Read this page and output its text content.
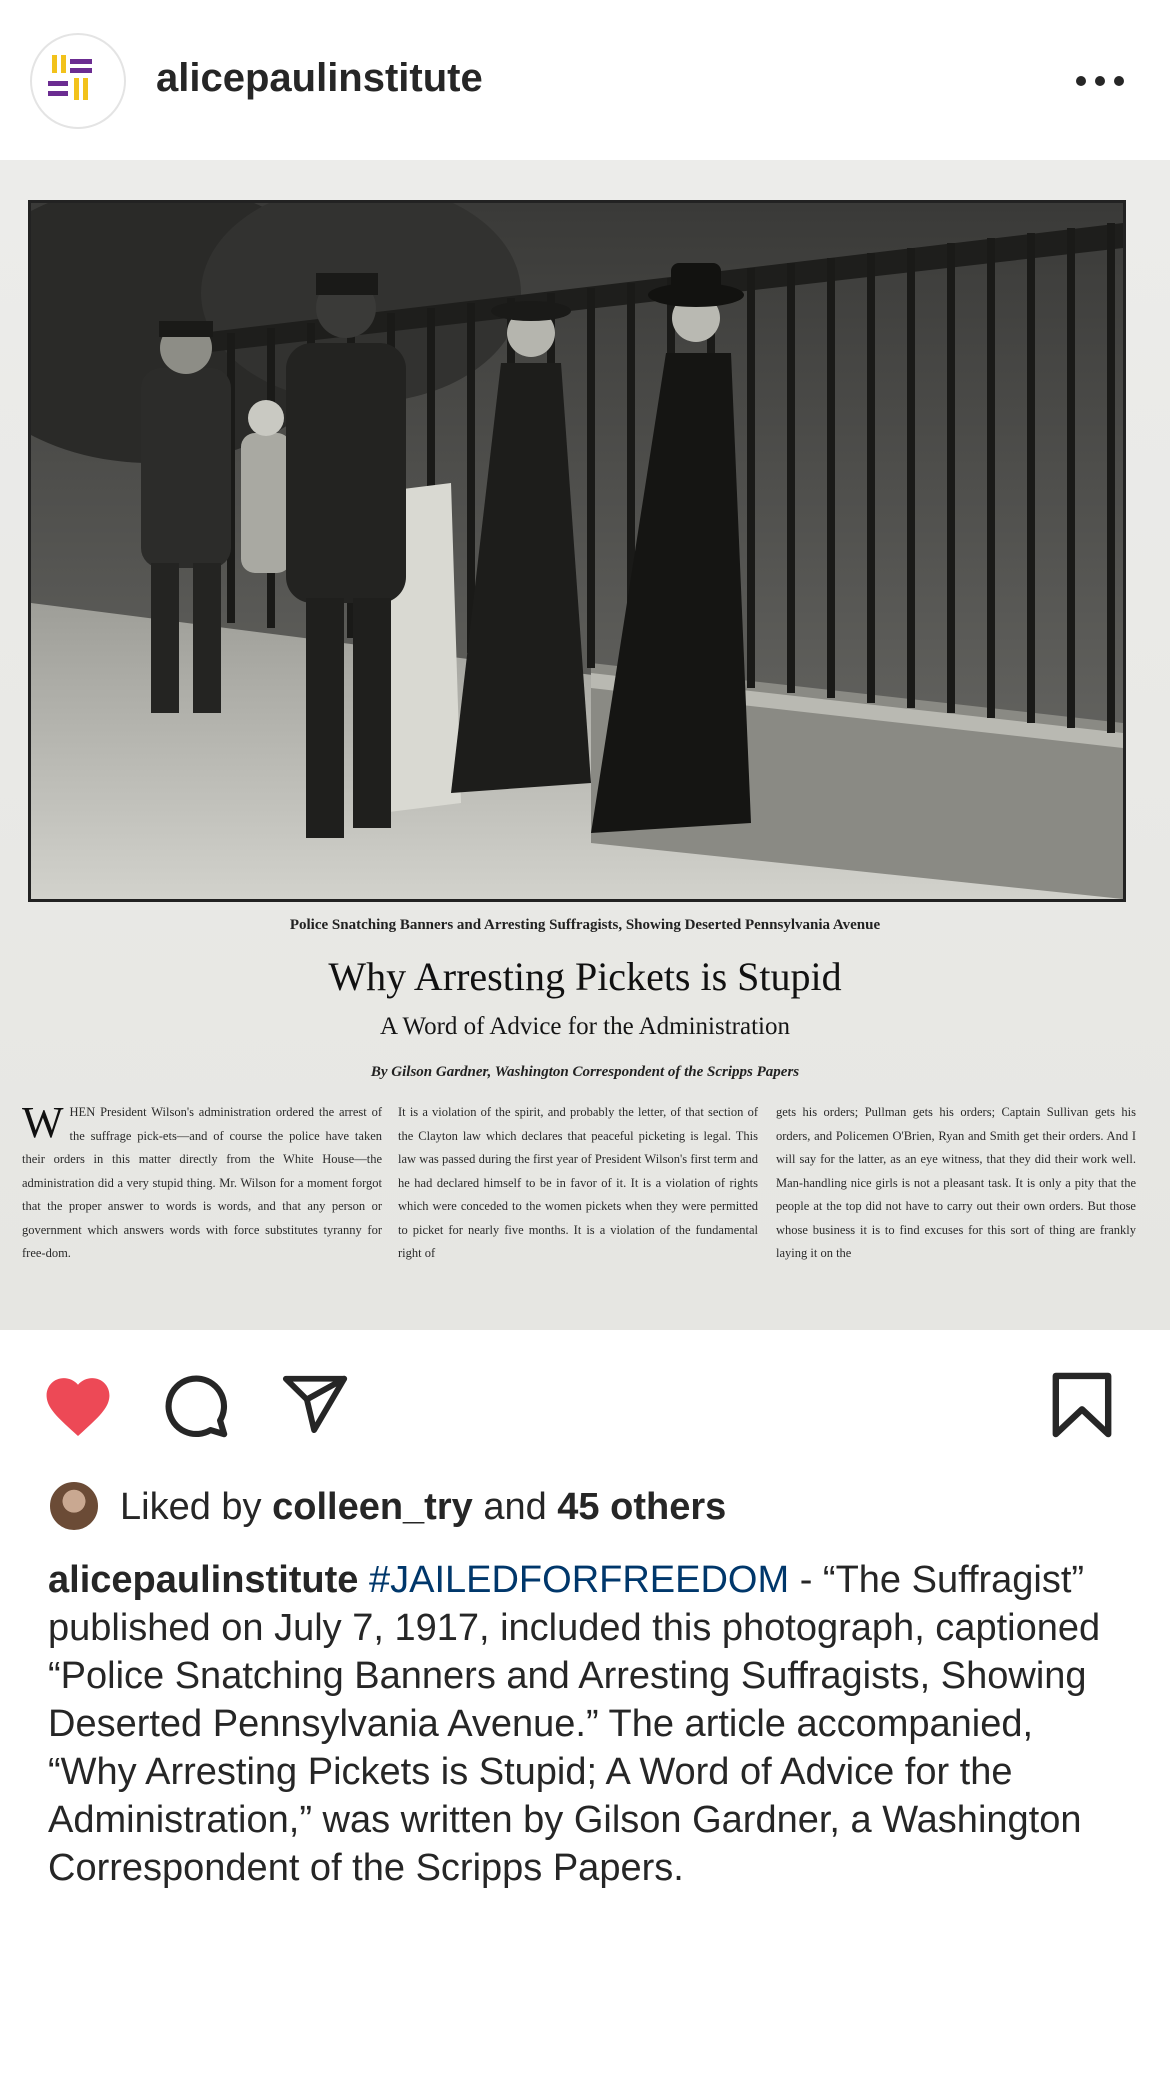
alicepaulinstitute
Police Snatching Banners and Arresting Suffragists, Showing Deserted Pennsylvania Avenue
Why Arresting Pickets is Stupid
A Word of Advice for the Administration
By Gilson Gardner, Washington Correspondent of the Scripps Papers
WHEN President Wilson's administration ordered the arrest of the suffrage pick-ets—and of course the police have taken their orders in this matter directly from the White House—the administration did a very stupid thing. Mr. Wilson for a moment forgot that the proper answer to words is words, and that any person or government which answers words with force substitutes tyranny for free-dom.
It is a violation of the spirit, and probably the letter, of that section of the Clayton law which declares that peaceful picketing is legal. This law was passed during the first year of President Wilson's first term and he had declared himself to be in favor of it. It is a violation of rights which were conceded to the women pickets when they were permitted to picket for nearly five months. It is a violation of the fundamental right of
gets his orders; Pullman gets his orders; Captain Sullivan gets his orders, and Policemen O'Brien, Ryan and Smith get their orders. And I will say for the latter, as an eye witness, that they did their work well. Man-handling nice girls is not a pleasant task. It is only a pity that the people at the top did not have to carry out their own orders. But those whose business it is to find excuses for this sort of thing are frankly laying it on the
Liked by colleen_try and 45 others
alicepaulinstitute #JAILEDFORFREEDOM - “The Suffragist” published on July 7, 1917, included this photograph, captioned “Police Snatching Banners and Arresting Suffragists, Showing Deserted Pennsylvania Avenue.” The article accompanied, “Why Arresting Pickets is Stupid; A Word of Advice for the Administration,” was written by Gilson Gardner, a Washington Correspondent of the Scripps Papers.
